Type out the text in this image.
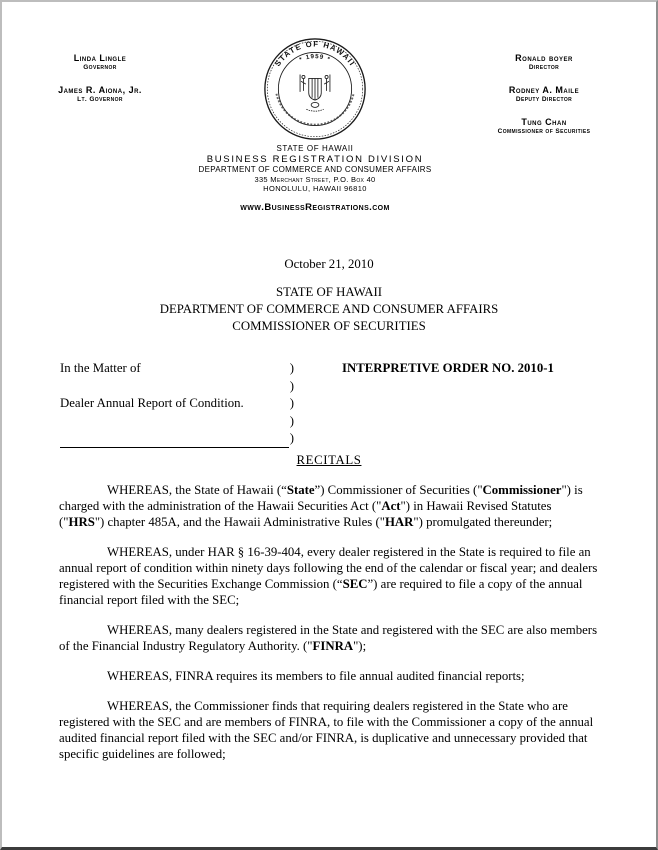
Linda Lingle
Governor
James R. Aiona, Jr.
Lt. Governor
STATE OF HAWAII
* 1959 *
STATE OF HAWAII
BUSINESS REGISTRATION DIVISION
DEPARTMENT OF COMMERCE AND CONSUMER AFFAIRS
335 Merchant Street, P.O. Box 40
HONOLULU, HAWAII 96810
www.BusinessRegistrations.com
Ronald boyer
Director
Rodney A. Maile
Deputy Director
Tung Chan
Commissioner of Securities
October 21, 2010
STATE OF HAWAII
DEPARTMENT OF COMMERCE AND CONSUMER AFFAIRS
COMMISSIONER OF SECURITIES
In the Matter of	)
)
Dealer Annual Report of Condition.	)
)
)
INTERPRETIVE ORDER NO. 2010-1
RECITALS

WHEREAS, the State of Hawaii (“State”) Commissioner of Securities ("Commissioner") is charged with the administration of the Hawaii Securities Act ("Act") in Hawaii Revised Statutes ("HRS") chapter 485A, and the Hawaii Administrative Rules ("HAR") promulgated thereunder;

WHEREAS, under HAR § 16-39-404, every dealer registered in the State is required to file an annual report of condition within ninety days following the end of the calendar or fiscal year; and dealers registered with the Securities Exchange Commission (“SEC”) are required to file a copy of the annual financial report filed with the SEC;

WHEREAS, many dealers registered in the State and registered with the SEC are also members of the Financial Industry Regulatory Authority. ("FINRA");

WHEREAS, FINRA requires its members to file annual audited financial reports;

WHEREAS, the Commissioner finds that requiring dealers registered in the State who are registered with the SEC and are members of FINRA, to file with the Commissioner a copy of the annual audited financial report filed with the SEC and/or FINRA, is duplicative and unnecessary provided that specific guidelines are followed;
